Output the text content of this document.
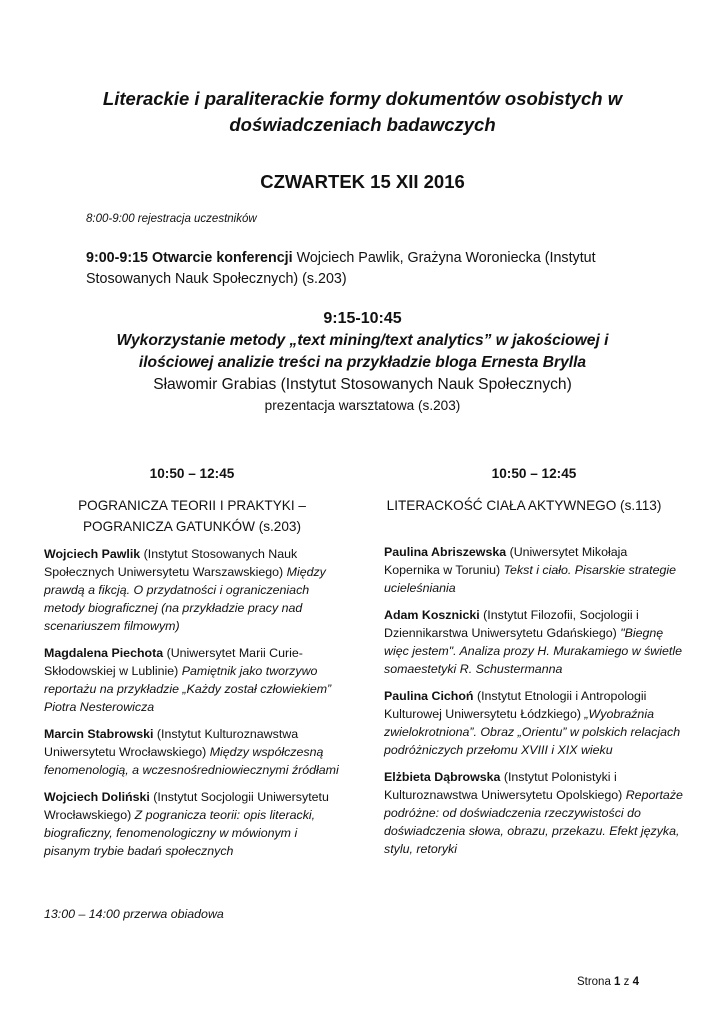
Literackie i paraliterackie formy dokumentów osobistych w
doświadczeniach badawczych
CZWARTEK 15 XII 2016
8:00-9:00 rejestracja uczestników
9:00-9:15 Otwarcie konferencji Wojciech Pawlik, Grażyna Woroniecka (Instytut Stosowanych Nauk Społecznych) (s.203)
9:15-10:45
Wykorzystanie metody „text mining/text analytics” w jakościowej i
ilościowej analizie treści na przykładzie bloga Ernesta Brylla
Sławomir Grabias (Instytut Stosowanych Nauk Społecznych)
prezentacja warsztatowa (s.203)
10:50 – 12:45
POGRANICZA TEORII I PRAKTYKI –
POGRANICZA GATUNKÓW (s.203)
Wojciech Pawlik (Instytut Stosowanych Nauk Społecznych Uniwersytetu Warszawskiego) Między prawdą a fikcją. O przydatności i ograniczeniach metody biograficznej (na przykładzie pracy nad scenariuszem filmowym)
Magdalena Piechota (Uniwersytet Marii Curie-Skłodowskiej w Lublinie) Pamiętnik jako tworzywo reportażu na przykładzie „Każdy został człowiekiem” Piotra Nesterowicza
Marcin Stabrowski (Instytut Kulturoznawstwa Uniwersytetu Wrocławskiego) Między współczesną fenomenologią, a wczesnośredniowiecznymi źródłami
Wojciech Doliński (Instytut Socjologii Uniwersytetu Wrocławskiego) Z pogranicza teorii: opis literacki, biograficzny, fenomenologiczny w mówionym i pisanym trybie badań społecznych
10:50 – 12:45
LITERACKOŚĆ CIAŁA AKTYWNEGO (s.113)
Paulina Abriszewska (Uniwersytet Mikołaja Kopernika w Toruniu) Tekst i ciało. Pisarskie strategie ucieleśniania
Adam Kosznicki (Instytut Filozofii, Socjologii i Dziennikarstwa Uniwersytetu Gdańskiego) "Biegnę więc jestem". Analiza prozy H. Murakamiego w świetle somaestetyki R. Schustermanna
Paulina Cichoń (Instytut Etnologii i Antropologii Kulturowej Uniwersytetu Łódzkiego) „Wyobraźnia zwielokrotniona”. Obraz „Orientu” w polskich relacjach podróżniczych przełomu XVIII i XIX wieku
Elżbieta Dąbrowska (Instytut Polonistyki i Kulturoznawstwa Uniwersytetu Opolskiego) Reportaże podróżne: od doświadczenia rzeczywistości do doświadczenia słowa, obrazu, przekazu. Efekt języka, stylu, retoryki
13:00 – 14:00 przerwa obiadowa
Strona 1 z 4
